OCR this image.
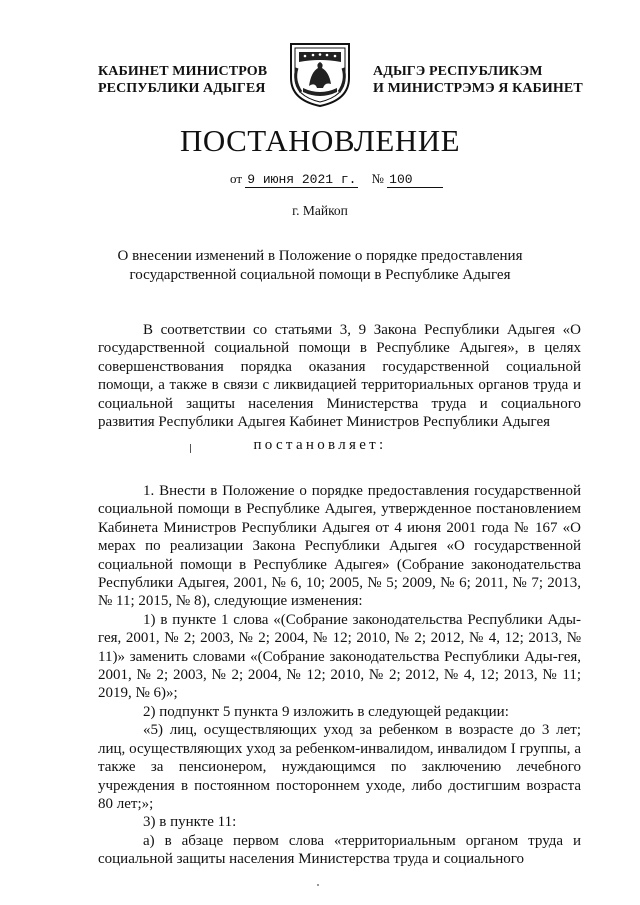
КАБИНЕТ МИНИСТРОВ
РЕСПУБЛИКИ АДЫГЕЯ
АДЫГЭ РЕСПУБЛИКЭМ
И МИНИСТРЭМЭ Я КАБИНЕТ
ПОСТАНОВЛЕНИЕ
от 9 июня 2021 г. № 100
г. Майкоп
О внесении изменений в Положение о порядке предоставления
государственной социальной помощи в Республике Адыгея

В соответствии со статьями 3, 9 Закона Республики Адыгея «О государственной социальной помощи в Республике Адыгея», в целях совершенствования порядка оказания государственной социальной помощи, а также в связи с ликвидацией территориальных органов труда и социальной защиты населения Министерства труда и социального развития Республики Адыгея Кабинет Министров Республики Адыгея

постановляет:

1. Внести в Положение о порядке предоставления государственной социальной помощи в Республике Адыгея, утвержденное постановлением Кабинета Министров Республики Адыгея от 4 июня 2001 года № 167 «О мерах по реализации Закона Республики Адыгея «О государственной социальной помощи в Республике Адыгея» (Собрание законодательства Республики Адыгея, 2001, № 6, 10; 2005, № 5; 2009, № 6; 2011, № 7; 2013, № 11; 2015, № 8), следующие изменения:

1) в пункте 1 слова «(Собрание законодательства Республики Ады-гея, 2001, № 2; 2003, № 2; 2004, № 12; 2010, № 2; 2012, № 4, 12; 2013, № 11)» заменить словами «(Собрание законодательства Республики Ады-гея, 2001, № 2; 2003, № 2; 2004, № 12; 2010, № 2; 2012, № 4, 12; 2013, № 11; 2019, № 6)»;

2) подпункт 5 пункта 9 изложить в следующей редакции:

«5) лиц, осуществляющих уход за ребенком в возрасте до 3 лет; лиц, осуществляющих уход за ребенком-инвалидом, инвалидом I группы, а также за пенсионером, нуждающимся по заключению лечебного учреждения в постоянном постороннем уходе, либо достигшим возраста 80 лет;»;

3) в пункте 11:

а) в абзаце первом слова «территориальным органом труда и социальной защиты населения Министерства труда и социального
